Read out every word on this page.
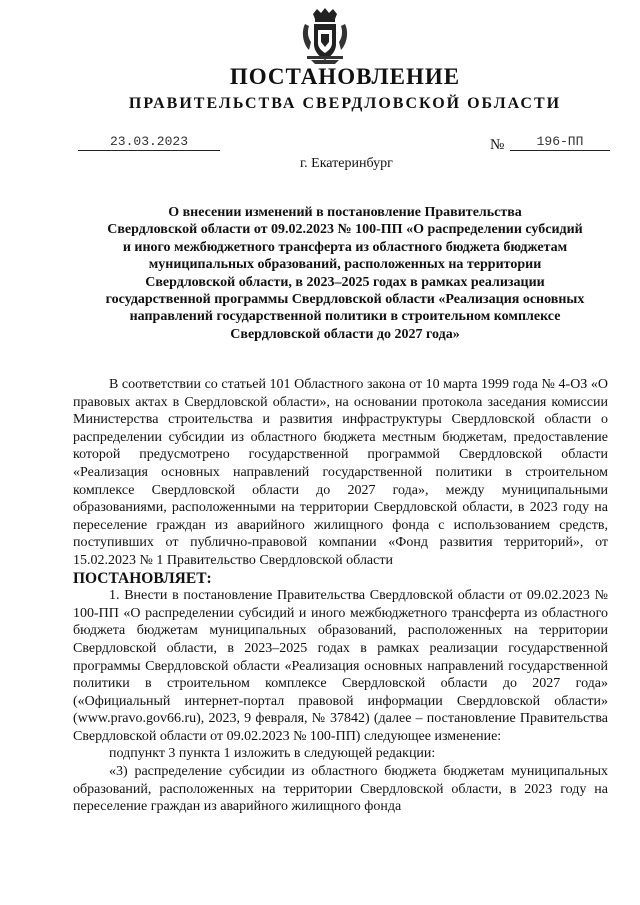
ПОСТАНОВЛЕНИЕ
ПРАВИТЕЛЬСТВА СВЕРДЛОВСКОЙ ОБЛАСТИ
23.03.2023	№	196-ПП
г. Екатеринбург
О внесении изменений в постановление Правительства
Свердловской области от 09.02.2023 № 100-ПП «О распределении субсидий
и иного межбюджетного трансферта из областного бюджета бюджетам
муниципальных образований, расположенных на территории
Свердловской области, в 2023–2025 годах в рамках реализации
государственной программы Свердловской области «Реализация основных
направлений государственной политики в строительном комплексе
Свердловской области до 2027 года»

В соответствии со статьей 101 Областного закона от 10 марта 1999 года № 4-ОЗ «О правовых актах в Свердловской области», на основании протокола заседания комиссии Министерства строительства и развития инфраструктуры Свердловской области о распределении субсидии из областного бюджета местным бюджетам, предоставление которой предусмотрено государственной программой Свердловской области «Реализация основных направлений государственной политики в строительном комплексе Свердловской области до 2027 года», между муниципальными образованиями, расположенными на территории Свердловской области, в 2023 году на переселение граждан из аварийного жилищного фонда с использованием средств, поступивших от публично-правовой компании «Фонд развития территорий», от 15.02.2023 № 1 Правительство Свердловской области

ПОСТАНОВЛЯЕТ:

1. Внести в постановление Правительства Свердловской области от 09.02.2023 № 100-ПП «О распределении субсидий и иного межбюджетного трансферта из областного бюджета бюджетам муниципальных образований, расположенных на территории Свердловской области, в 2023–2025 годах в рамках реализации государственной программы Свердловской области «Реализация основных направлений государственной политики в строительном комплексе Свердловской области до 2027 года» («Официальный интернет-портал правовой информации Свердловской области» (www.pravo.gov66.ru), 2023, 9 февраля, № 37842) (далее – постановление Правительства Свердловской области от 09.02.2023 № 100-ПП) следующее изменение:

подпункт 3 пункта 1 изложить в следующей редакции:

«3) распределение субсидии из областного бюджета бюджетам муниципальных образований, расположенных на территории Свердловской области, в 2023 году на переселение граждан из аварийного жилищного фонда
